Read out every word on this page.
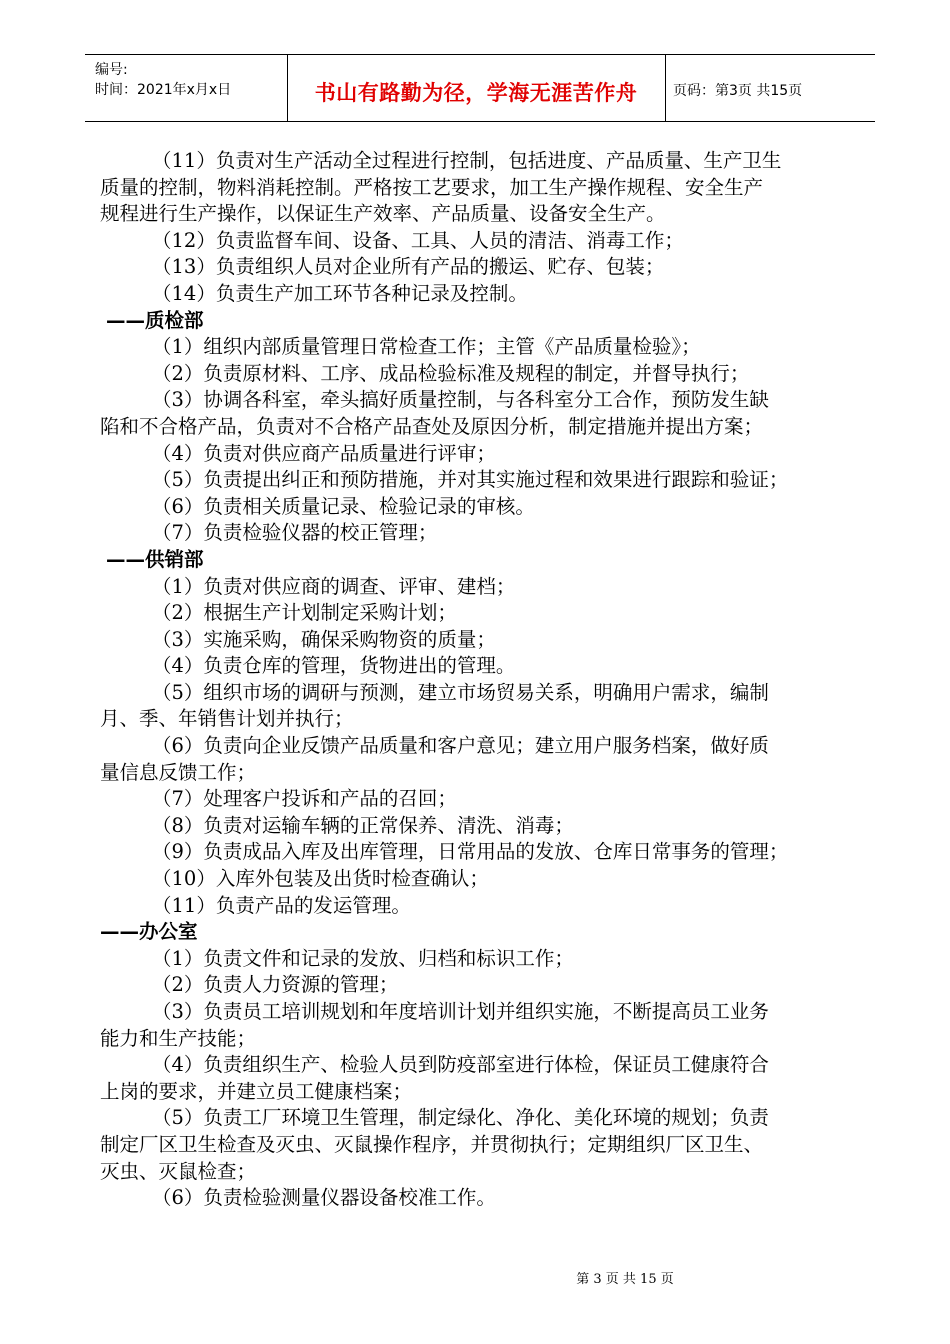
编号:
时间：2021年x月x日	书山有路勤为径，学海无涯苦作舟	页码：第3页 共15页
（11）负责对生产活动全过程进行控制，包括进度、产品质量、生产卫生
质量的控制，物料消耗控制。严格按工艺要求，加工生产操作规程、安全生产
规程进行生产操作，以保证生产效率、产品质量、设备安全生产。
（12）负责监督车间、设备、工具、人员的清洁、消毒工作；
（13）负责组织人员对企业所有产品的搬运、贮存、包装；
（14）负责生产加工环节各种记录及控制。
——质检部
（1）组织内部质量管理日常检查工作；主管《产品质量检验》；
（2）负责原材料、工序、成品检验标准及规程的制定，并督导执行；
（3）协调各科室，牵头搞好质量控制，与各科室分工合作，预防发生缺
陷和不合格产品，负责对不合格产品查处及原因分析，制定措施并提出方案；
（4）负责对供应商产品质量进行评审；
（5）负责提出纠正和预防措施，并对其实施过程和效果进行跟踪和验证；
（6）负责相关质量记录、检验记录的审核。
（7）负责检验仪器的校正管理；
——供销部
（1）负责对供应商的调查、评审、建档；
（2）根据生产计划制定采购计划；
（3）实施采购，确保采购物资的质量；
（4）负责仓库的管理，货物进出的管理。
（5）组织市场的调研与预测，建立市场贸易关系，明确用户需求，编制
月、季、年销售计划并执行；
（6）负责向企业反馈产品质量和客户意见；建立用户服务档案，做好质
量信息反馈工作；
（7）处理客户投诉和产品的召回；
（8）负责对运输车辆的正常保养、清洗、消毒；
（9）负责成品入库及出库管理，日常用品的发放、仓库日常事务的管理；
（10）入库外包装及出货时检查确认；
（11）负责产品的发运管理。
——办公室
（1）负责文件和记录的发放、归档和标识工作；
（2）负责人力资源的管理；
（3）负责员工培训规划和年度培训计划并组织实施，不断提高员工业务
能力和生产技能；
（4）负责组织生产、检验人员到防疫部室进行体检，保证员工健康符合
上岗的要求，并建立员工健康档案；
（5）负责工厂环境卫生管理，制定绿化、净化、美化环境的规划；负责
制定厂区卫生检查及灭虫、灭鼠操作程序，并贯彻执行；定期组织厂区卫生、
灭虫、灭鼠检查；
（6）负责检验测量仪器设备校准工作。
第 3 页 共 15 页
